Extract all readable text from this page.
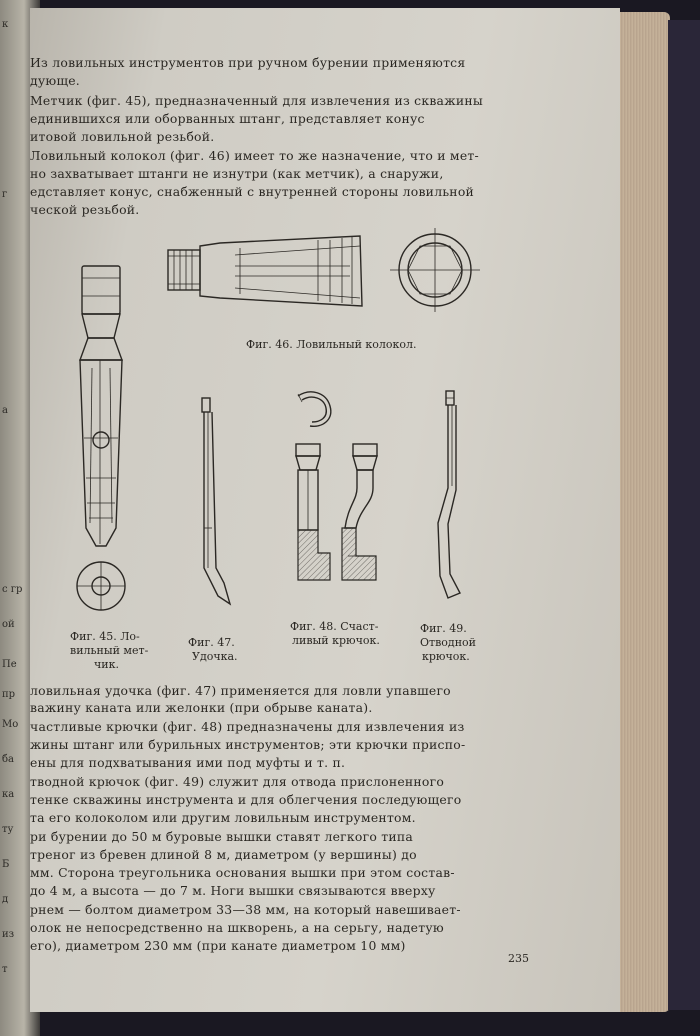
к
г
а
с гр
ой
Пе
пр
Мо
ба
ка
ту
Б
д
из
т
Из ловильных инструментов при ручном бурении применяются
дующе.
Метчик (фиг. 45), предназначенный для извлечения из скважины
единившихся или оборванных штанг, представляет конус
итовой ловильной резьбой.
Ловильный колокол (фиг. 46) имеет то же назначение, что и мет-
но захватывает штанги не изнутри (как метчик), а снаружи,
едставляет конус, снабженный с внутренней стороны ловильной
ческой резьбой.
Фиг. 46. Ловильный колокол.
Фиг. 45. Ло-
вильный мет-
чик.
Фиг. 47.
Удочка.
Фиг. 48. Счаст-
ливый крючок.
Фиг. 49.
Отводной
крючок.
ловильная удочка (фиг. 47) применяется для ловли упавшего
важину каната или желонки (при обрыве каната).
частливые крючки (фиг. 48) предназначены для извлечения из
жины штанг или бурильных инструментов; эти крючки приспо-
ены для подхватывания ими под муфты и т. п.
тводной крючок (фиг. 49) служит для отвода прислоненного
тенке скважины инструмента и для облегчения последующего
та его колоколом или другим ловильным инструментом.
ри бурении до 50 м буровые вышки ставят легкого типа
треног из бревен длиной 8 м, диаметром (у вершины) до
мм. Сторона треугольника основания вышки при этом состав-
до 4 м, а высота — до 7 м. Ноги вышки связываются вверху
рнем — болтом диаметром 33—38 мм, на который навешивает-
олок не непосредственно на шкворень, а на серьгу, надетую
его), диаметром 230 мм (при канате диаметром 10 мм)
235
